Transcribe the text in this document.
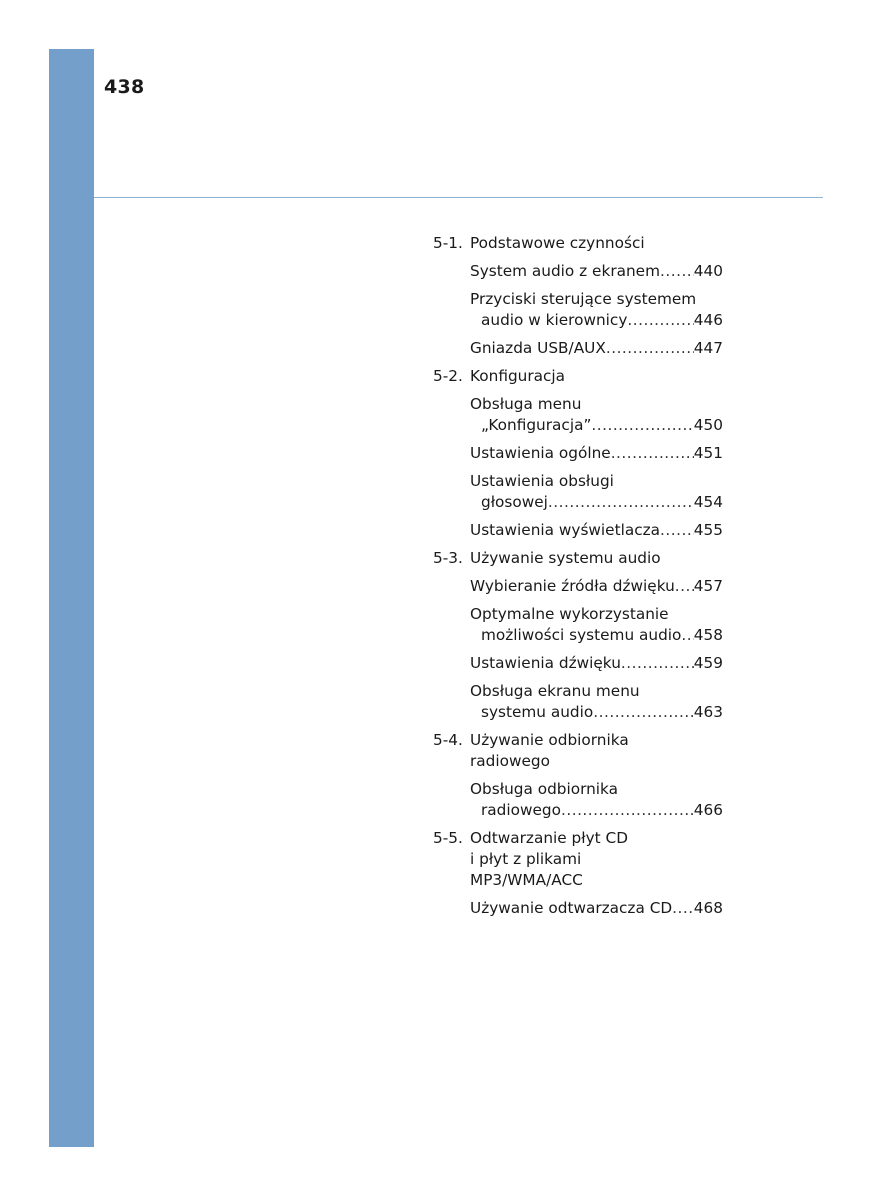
438
5-1. Podstawowe czynności
System audio z ekranem ..... 440
Przyciski sterujące systemem
audio w kierownicy .....	446
Gniazda USB/AUX .....	447
5-2. Konfiguracja
Obsługa menu
„Konfiguracja” .....	450
Ustawienia ogólne .....	451
Ustawienia obsługi
głosowej .....	454
Ustawienia wyświetlacza ..... 455
5-3. Używanie systemu audio
Wybieranie źródła dźwięku ..... 457
Optymalne wykorzystanie
możliwości systemu audio ..... 458
Ustawienia dźwięku .....	459
Obsługa ekranu menu
systemu audio .....	463
5-4. Używanie odbiornika
radiowego
Obsługa odbiornika
radiowego .....	466
5-5. Odtwarzanie płyt CD
i płyt z plikami
MP3/WMA/ACC
Używanie odtwarzacza CD ..... 468
